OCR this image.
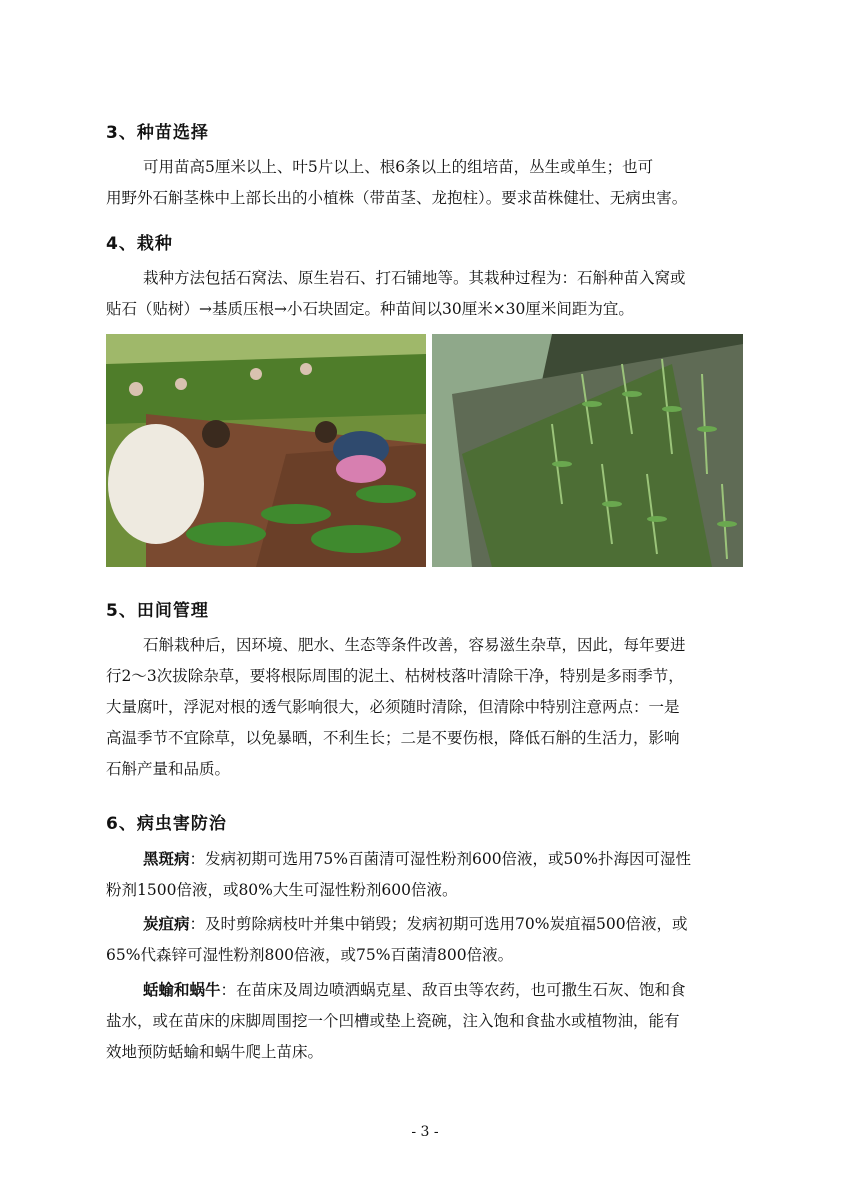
3、种苗选择

可用苗高5厘米以上、叶5片以上、根6条以上的组培苗，丛生或单生；也可
用野外石斛茎株中上部长出的小植株（带苗茎、龙抱柱）。要求苗株健壮、无病虫害。

4、栽种

栽种方法包括石窝法、原生岩石、打石铺地等。其栽种过程为：石斛种苗入窝或
贴石（贴树）→基质压根→小石块固定。种苗间以30厘米×30厘米间距为宜。

5、田间管理

石斛栽种后，因环境、肥水、生态等条件改善，容易滋生杂草，因此，每年要进
行2～3次拔除杂草，要将根际周围的泥土、枯树枝落叶清除干净，特别是多雨季节，
大量腐叶，浮泥对根的透气影响很大，必须随时清除，但清除中特别注意两点：一是
高温季节不宜除草，以免暴晒，不利生长；二是不要伤根，降低石斛的生活力，影响
石斛产量和品质。

6、病虫害防治

黑斑病：发病初期可选用75%百菌清可湿性粉剂600倍液，或50%扑海因可湿性
粉剂1500倍液，或80%大生可湿性粉剂600倍液。

炭疽病：及时剪除病枝叶并集中销毁；发病初期可选用70%炭疽福500倍液，或
65%代森锌可湿性粉剂800倍液，或75%百菌清800倍液。

蛞蝓和蜗牛：在苗床及周边喷洒蜗克星、敌百虫等农药，也可撒生石灰、饱和食
盐水，或在苗床的床脚周围挖一个凹槽或垫上瓷碗，注入饱和食盐水或植物油，能有
效地预防蛞蝓和蜗牛爬上苗床。

- 3 -
